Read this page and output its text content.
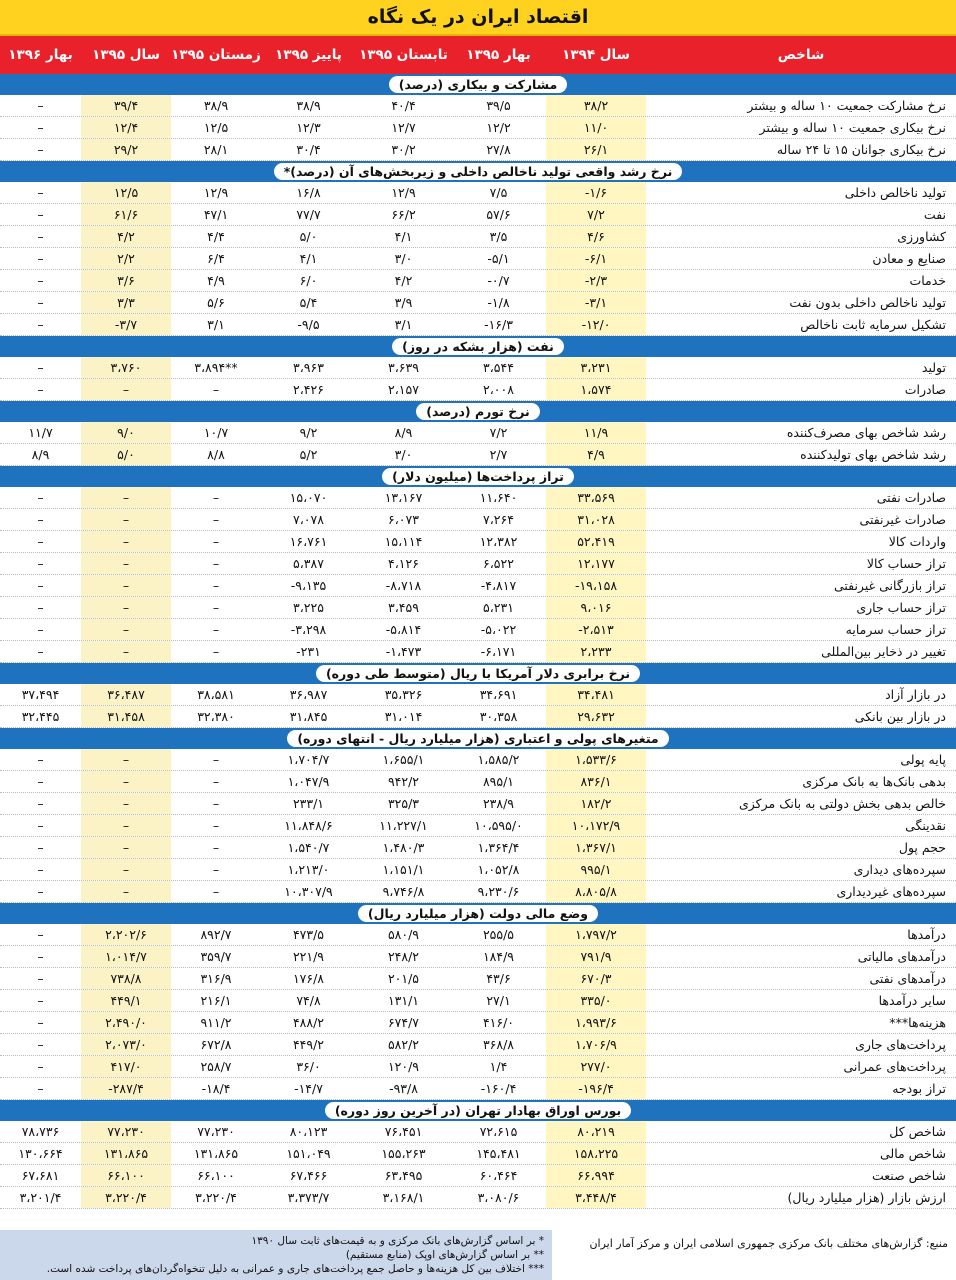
اقتصاد ایران در یک نگاه
شاخص
سال ۱۳۹۴
بهار ۱۳۹۵
تابستان ۱۳۹۵
پاییز ۱۳۹۵
زمستان ۱۳۹۵
سال ۱۳۹۵
بهار ۱۳۹۶
مشارکت و بیکاری (درصد)
نرخ مشارکت جمعیت ۱۰ ساله و بیشتر
۳۸/۲
۳۹/۵
۴۰/۴
۳۸/۹
۳۸/۹
۳۹/۴
–
نرخ بیکاری جمعیت ۱۰ ساله و بیشتر
۱۱/۰
۱۲/۲
۱۲/۷
۱۲/۳
۱۲/۵
۱۲/۴
–
نرخ بیکاری جوانان ۱۵ تا ۲۴ ساله
۲۶/۱
۲۷/۸
۳۰/۲
۳۰/۴
۲۸/۱
۲۹/۲
–
نرخ رشد واقعی تولید ناخالص داخلی و زیربخش‌های آن (درصد)*
تولید ناخالص داخلی
-۱/۶
۷/۵
۱۲/۹
۱۶/۸
۱۲/۹
۱۲/۵
–
نفت
۷/۲
۵۷/۶
۶۶/۲
۷۷/۷
۴۷/۱
۶۱/۶
–
کشاورزی
۴/۶
۳/۵
۴/۱
۵/۰
۴/۴
۴/۲
–
صنایع و معادن
-۶/۱
-۵/۱
۳/۰
۴/۱
۶/۴
۲/۲
–
خدمات
-۲/۳
-۰/۷
۴/۲
۶/۰
۴/۹
۳/۶
–
تولید ناخالص داخلی بدون نفت
-۳/۱
-۱/۸
۳/۹
۵/۴
۵/۶
۳/۳
–
تشکیل سرمایه ثابت ناخالص
-۱۲/۰
-۱۶/۳
۳/۱
-۹/۵
۳/۱
-۳/۷
–
نفت (هزار بشکه در روز)
تولید
۳،۲۳۱
۳،۵۴۴
۳،۶۳۹
۳،۹۶۳
۳،۸۹۴**
۳،۷۶۰
–
صادرات
۱،۵۷۴
۲،۰۰۸
۲،۱۵۷
۲،۴۲۶
–
–
–
نرخ تورم (درصد)
رشد شاخص بهای مصرف‌کننده
۱۱/۹
۷/۲
۸/۹
۹/۲
۱۰/۷
۹/۰
۱۱/۷
رشد شاخص بهای تولیدکننده
۴/۹
۲/۷
۳/۰
۵/۲
۸/۸
۵/۰
۸/۹
تراز پرداخت‌ها (میلیون دلار)
صادرات نفتی
۳۳،۵۶۹
۱۱،۶۴۰
۱۳،۱۶۷
۱۵،۰۷۰
–
–
–
صادرات غیرنفتی
۳۱،۰۲۸
۷،۲۶۴
۶،۰۷۳
۷،۰۷۸
–
–
–
واردات کالا
۵۲،۴۱۹
۱۲،۳۸۲
۱۵،۱۱۴
۱۶،۷۶۱
–
–
–
تراز حساب کالا
۱۲،۱۷۷
۶،۵۲۲
۴،۱۲۶
۵،۳۸۷
–
–
–
تراز بازرگانی غیرنفتی
-۱۹،۱۵۸
-۴،۸۱۷
-۸،۷۱۸
-۹،۱۳۵
–
–
–
تراز حساب جاری
۹،۰۱۶
۵،۲۳۱
۳،۴۵۹
۳،۲۲۵
–
–
–
تراز حساب سرمایه
-۲،۵۱۳
-۵،۰۲۲
-۵،۸۱۴
-۳،۲۹۸
–
–
–
تغییر در ذخایر بین‌المللی
۲،۲۳۳
-۶،۱۷۱
-۱،۴۷۳
-۲۳۱
–
–
–
نرخ برابری دلار آمریکا با ریال (متوسط طی دوره)
در بازار آزاد
۳۴،۴۸۱
۳۴،۶۹۱
۳۵،۳۲۶
۳۶،۹۸۷
۳۸،۵۸۱
۳۶،۴۸۷
۳۷،۴۹۴
در بازار بین بانکی
۲۹،۶۳۲
۳۰،۳۵۸
۳۱،۰۱۴
۳۱،۸۴۵
۳۲،۳۸۰
۳۱،۴۵۸
۳۲،۴۴۵
متغیرهای پولی و اعتباری (هزار میلیارد ریال - انتهای دوره)
پایه پولی
۱،۵۳۳/۶
۱،۵۸۵/۲
۱،۶۵۵/۱
۱،۷۰۴/۷
–
–
–
بدهی بانک‌ها به بانک مرکزی
۸۳۶/۱
۸۹۵/۱
۹۴۲/۲
۱،۰۴۷/۹
–
–
–
خالص بدهی بخش دولتی به بانک مرکزی
۱۸۲/۲
۲۳۸/۹
۳۲۵/۳
۲۳۳/۱
–
–
–
نقدینگی
۱۰،۱۷۲/۹
۱۰،۵۹۵/۰
۱۱،۲۲۷/۱
۱۱،۸۴۸/۶
–
–
–
حجم پول
۱،۳۶۷/۱
۱،۳۶۴/۴
۱،۴۸۰/۳
۱،۵۴۰/۷
–
–
–
سپرده‌های دیداری
۹۹۵/۱
۱،۰۵۲/۸
۱،۱۵۱/۱
۱،۲۱۳/۰
–
–
–
سپرده‌های غیردیداری
۸،۸۰۵/۸
۹،۲۳۰/۶
۹،۷۴۶/۸
۱۰،۳۰۷/۹
–
–
–
وضع مالی دولت (هزار میلیارد ریال)
درآمدها
۱،۷۹۷/۲
۲۵۵/۵
۵۸۰/۹
۴۷۳/۵
۸۹۲/۷
۲،۲۰۲/۶
–
درآمدهای مالیاتی
۷۹۱/۹
۱۸۴/۹
۲۴۸/۲
۲۲۱/۹
۳۵۹/۷
۱،۰۱۴/۷
–
درآمدهای نفتی
۶۷۰/۳
۴۳/۶
۲۰۱/۵
۱۷۶/۸
۳۱۶/۹
۷۳۸/۸
–
سایر درآمدها
۳۳۵/۰
۲۷/۱
۱۳۱/۱
۷۴/۸
۲۱۶/۱
۴۴۹/۱
–
هزینه‌ها***
۱،۹۹۳/۶
۴۱۶/۰
۶۷۴/۷
۴۸۸/۲
۹۱۱/۲
۲،۴۹۰/۰
–
پرداخت‌های جاری
۱،۷۰۶/۹
۳۶۸/۸
۵۸۲/۲
۴۴۹/۲
۶۷۲/۸
۲،۰۷۳/۰
–
پرداخت‌های عمرانی
۲۷۷/۰
۱/۴
۱۲۰/۹
۳۶/۰
۲۵۸/۷
۴۱۷/۰
–
تراز بودجه
-۱۹۶/۴
-۱۶۰/۴
-۹۳/۸
-۱۴/۷
-۱۸/۴
-۲۸۷/۴
–
بورس اوراق بهادار تهران (در آخرین روز دوره)
شاخص کل
۸۰،۲۱۹
۷۲،۶۱۵
۷۶،۴۵۱
۸۰،۱۲۳
۷۷،۲۳۰
۷۷،۲۳۰
۷۸،۷۳۶
شاخص مالی
۱۵۸،۲۲۵
۱۴۵،۴۸۱
۱۵۵،۲۶۳
۱۵۱،۰۴۹
۱۳۱،۸۶۵
۱۳۱،۸۶۵
۱۳۰،۶۶۴
شاخص صنعت
۶۶،۹۹۴
۶۰،۴۶۴
۶۳،۴۹۵
۶۷،۴۶۶
۶۶،۱۰۰
۶۶،۱۰۰
۶۷،۶۸۱
ارزش بازار (هزار میلیارد ریال)
۳،۴۴۸/۴
۳،۰۸۰/۶
۳،۱۶۸/۱
۳،۳۷۳/۷
۳،۲۲۰/۴
۳،۲۲۰/۴
۳،۲۰۱/۴
منبع: گزارش‌های مختلف بانک مرکزی جمهوری اسلامی ایران و مرکز آمار ایران
* بر اساس گزارش‌های بانک مرکزی و به قیمت‌های ثابت سال ۱۳۹۰
** بر اساس گزارش‌های اوپک (منابع مستقیم)
*** اختلاف بین کل هزینه‌ها و حاصل جمع پرداخت‌های جاری و عمرانی به دلیل تنخواه‌گردان‌های پرداخت شده است.
